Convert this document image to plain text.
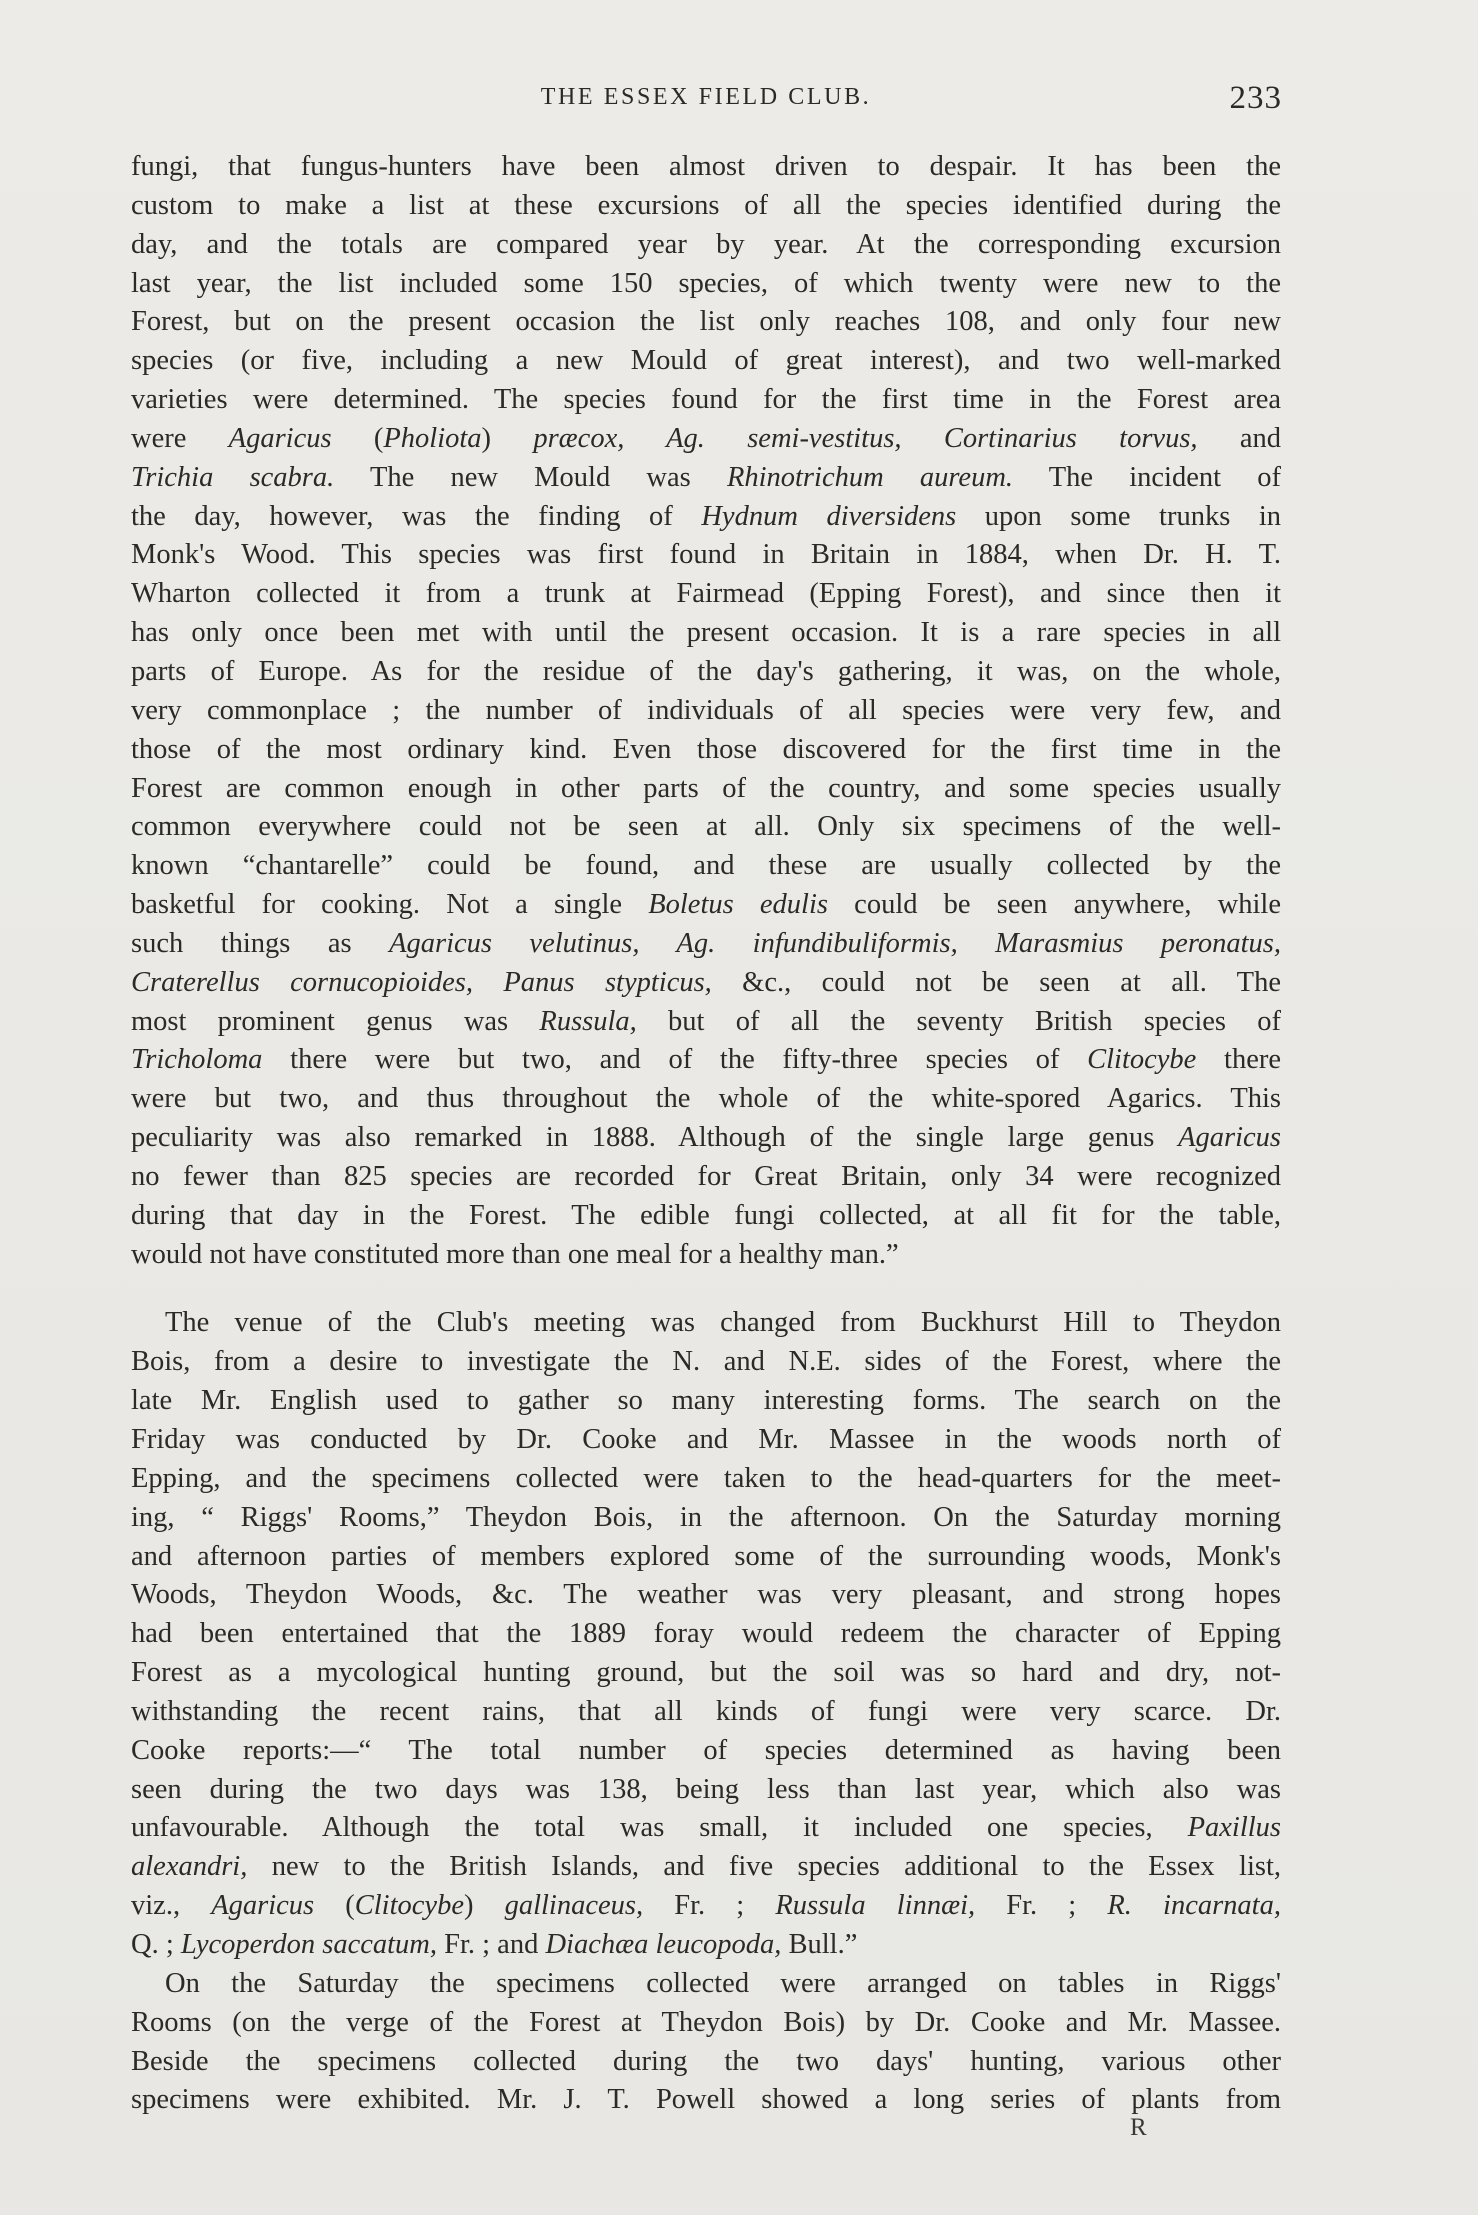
THE ESSEX FIELD CLUB.	233
fungi, that fungus-hunters have been almost driven to despair. It has been the
custom to make a list at these excursions of all the species identified during the
day, and the totals are compared year by year. At the corresponding excursion
last year, the list included some 150 species, of which twenty were new to the
Forest, but on the present occasion the list only reaches 108, and only four new
species (or five, including a new Mould of great interest), and two well-marked
varieties were determined. The species found for the first time in the Forest area
were Agaricus (Pholiota) præcox, Ag. semi-vestitus, Cortinarius torvus, and
Trichia scabra. The new Mould was Rhinotrichum aureum. The incident of
the day, however, was the finding of Hydnum diversidens upon some trunks in
Monk's Wood. This species was first found in Britain in 1884, when Dr. H. T.
Wharton collected it from a trunk at Fairmead (Epping Forest), and since then it
has only once been met with until the present occasion. It is a rare species in all
parts of Europe. As for the residue of the day's gathering, it was, on the whole,
very commonplace ; the number of individuals of all species were very few, and
those of the most ordinary kind. Even those discovered for the first time in the
Forest are common enough in other parts of the country, and some species usually
common everywhere could not be seen at all. Only six specimens of the well-
known “chantarelle” could be found, and these are usually collected by the
basketful for cooking. Not a single Boletus edulis could be seen anywhere, while
such things as Agaricus velutinus, Ag. infundibuliformis, Marasmius peronatus,
Craterellus cornucopioides, Panus stypticus, &c., could not be seen at all. The
most prominent genus was Russula, but of all the seventy British species of
Tricholoma there were but two, and of the fifty-three species of Clitocybe there
were but two, and thus throughout the whole of the white-spored Agarics. This
peculiarity was also remarked in 1888. Although of the single large genus Agaricus
no fewer than 825 species are recorded for Great Britain, only 34 were recognized
during that day in the Forest. The edible fungi collected, at all fit for the table,
would not have constituted more than one meal for a healthy man.”
The venue of the Club's meeting was changed from Buckhurst Hill to Theydon
Bois, from a desire to investigate the N. and N.E. sides of the Forest, where the
late Mr. English used to gather so many interesting forms. The search on the
Friday was conducted by Dr. Cooke and Mr. Massee in the woods north of
Epping, and the specimens collected were taken to the head-quarters for the meet-
ing, “ Riggs' Rooms,” Theydon Bois, in the afternoon. On the Saturday morning
and afternoon parties of members explored some of the surrounding woods, Monk's
Woods, Theydon Woods, &c. The weather was very pleasant, and strong hopes
had been entertained that the 1889 foray would redeem the character of Epping
Forest as a mycological hunting ground, but the soil was so hard and dry, not-
withstanding the recent rains, that all kinds of fungi were very scarce. Dr.
Cooke reports:—“ The total number of species determined as having been
seen during the two days was 138, being less than last year, which also was
unfavourable. Although the total was small, it included one species, Paxillus
alexandri, new to the British Islands, and five species additional to the Essex list,
viz., Agaricus (Clitocybe) gallinaceus, Fr. ; Russula linnæi, Fr. ; R. incarnata,
Q. ; Lycoperdon saccatum, Fr. ; and Diachæa leucopoda, Bull.”
On the Saturday the specimens collected were arranged on tables in Riggs'
Rooms (on the verge of the Forest at Theydon Bois) by Dr. Cooke and Mr. Massee.
Beside the specimens collected during the two days' hunting, various other
specimens were exhibited. Mr. J. T. Powell showed a long series of plants from
R
